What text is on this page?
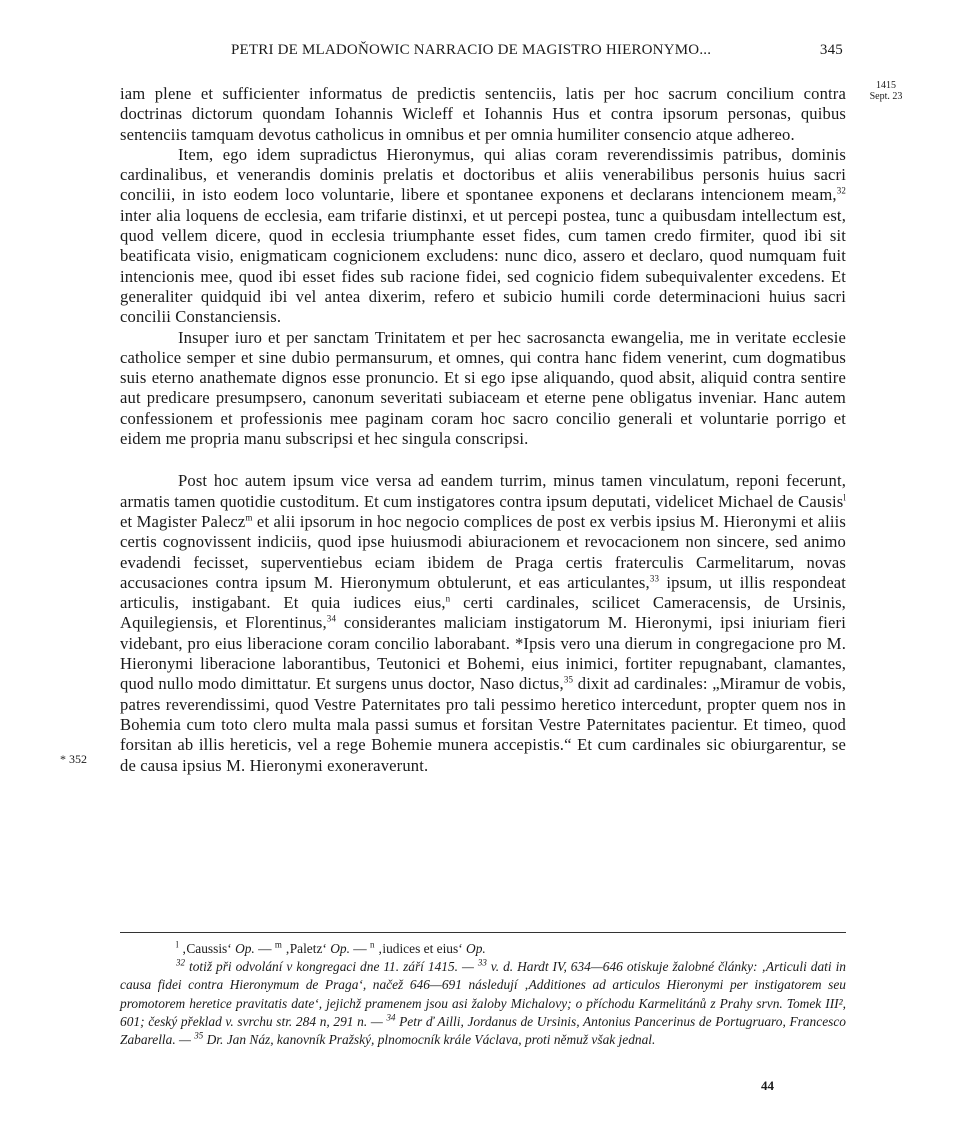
PETRI DE MLADOŇOWIC NARRACIO DE MAGISTRO HIERONYMO...	345
1415
Sept. 23
* 352

iam plene et sufficienter informatus de predictis sentenciis, latis per hoc sacrum concilium contra doctrinas dictorum quondam Iohannis Wicleff et Iohannis Hus et contra ipsorum personas, quibus sentenciis tamquam devotus catholicus in omnibus et per omnia humiliter consencio atque adhereo.

Item, ego idem supradictus Hieronymus, qui alias coram reverendissimis patribus, dominis cardinalibus, et venerandis dominis prelatis et doctoribus et aliis venerabilibus personis huius sacri concilii, in isto eodem loco voluntarie, libere et spontanee exponens et declarans intencionem meam,$^{32}$ inter alia loquens de ecclesia, eam trifarie distinxi, et ut percepi postea, tunc a quibusdam intellectum est, quod vellem dicere, quod in ecclesia triumphante esset fides, cum tamen credo firmiter, quod ibi sit beatificata visio, enigmaticam cognicionem excludens: nunc dico, assero et declaro, quod numquam fuit intencionis mee, quod ibi esset fides sub racione fidei, sed cognicio fidem subequivalenter excedens. Et generaliter quidquid ibi vel antea dixerim, refero et subicio humili corde determinacioni huius sacri concilii Constanciensis.

Insuper iuro et per sanctam Trinitatem et per hec sacrosancta ewangelia, me in veritate ecclesie catholice semper et sine dubio permansurum, et omnes, qui contra hanc fidem venerint, cum dogmatibus suis eterno anathemate dignos esse pronuncio. Et si ego ipse aliquando, quod absit, aliquid contra sentire aut predicare presumpsero, canonum severitati subiaceam et eterne pene obligatus inveniar. Hanc autem confessionem et professionis mee paginam coram hoc sacro concilio generali et voluntarie porrigo et eidem me propria manu subscripsi et hec singula conscripsi.

Post hoc autem ipsum vice versa ad eandem turrim, minus tamen vinculatum, reponi fecerunt, armatis tamen quotidie custoditum. Et cum instigatores contra ipsum deputati, videlicet Michael de Causis$^l$ et Magister Palecz$^m$ et alii ipsorum in hoc negocio complices de post ex verbis ipsius M. Hieronymi et aliis certis cognovissent indiciis, quod ipse huiusmodi abiuracionem et revocacionem non sincere, sed animo evadendi fecisset, superventiebus eciam ibidem de Praga certis fraterculis Carmelitarum, novas accusaciones contra ipsum M. Hieronymum obtulerunt, et eas articulantes,$^{33}$ ipsum, ut illis respondeat articulis, instigabant. Et quia iudices eius,$^n$ certi cardinales, scilicet Cameracensis, de Ursinis, Aquilegiensis, et Florentinus,$^{34}$ considerantes maliciam instigatorum M. Hieronymi, ipsi iniuriam fieri videbant, pro eius liberacione coram concilio laborabant. *Ipsis vero una dierum in congregacione pro M. Hieronymi liberacione laborantibus, Teutonici et Bohemi, eius inimici, fortiter repugnabant, clamantes, quod nullo modo dimittatur. Et surgens unus doctor, Naso dictus,$^{35}$ dixit ad cardinales: „Miramur de vobis, patres reverendissimi, quod Vestre Paternitates pro tali pessimo heretico intercedunt, propter quem nos in Bohemia cum toto clero multa mala passi sumus et forsitan Vestre Paternitates pacientur. Et timeo, quod forsitan ab illis hereticis, vel a rege Bohemie munera accepistis.“ Et cum cardinales sic obiurgarentur, se de causa ipsius M. Hieronymi exoneraverunt.

$^l$ ‚Caussis‘ Op. — $^m$ ‚Paletz‘ Op. — $^n$ ‚iudices et eius‘ Op.

$^{32}$ totiž při odvolání v kongregaci dne 11. září 1415. — $^{33}$ v. d. Hardt IV, 634—646 otiskuje žalobné články: ‚Articuli dati in causa fidei contra Hieronymum de Praga‘, načež 646—691 následují ‚Additiones ad articulos Hieronymi per instigatorem seu promotorem heretice pravitatis date‘, jejichž pramenem jsou asi žaloby Michalovy; o příchodu Karmelitánů z Prahy srvn. Tomek III², 601; český překlad v. svrchu str. 284 n, 291 n. — $^{34}$ Petr ď Ailli, Jordanus de Ursinis, Antonius Pancerinus de Portugruaro, Francesco Zabarella. — $^{35}$ Dr. Jan Náz, kanovník Pražský, plnomocník krále Václava, proti němuž však jednal.

44
